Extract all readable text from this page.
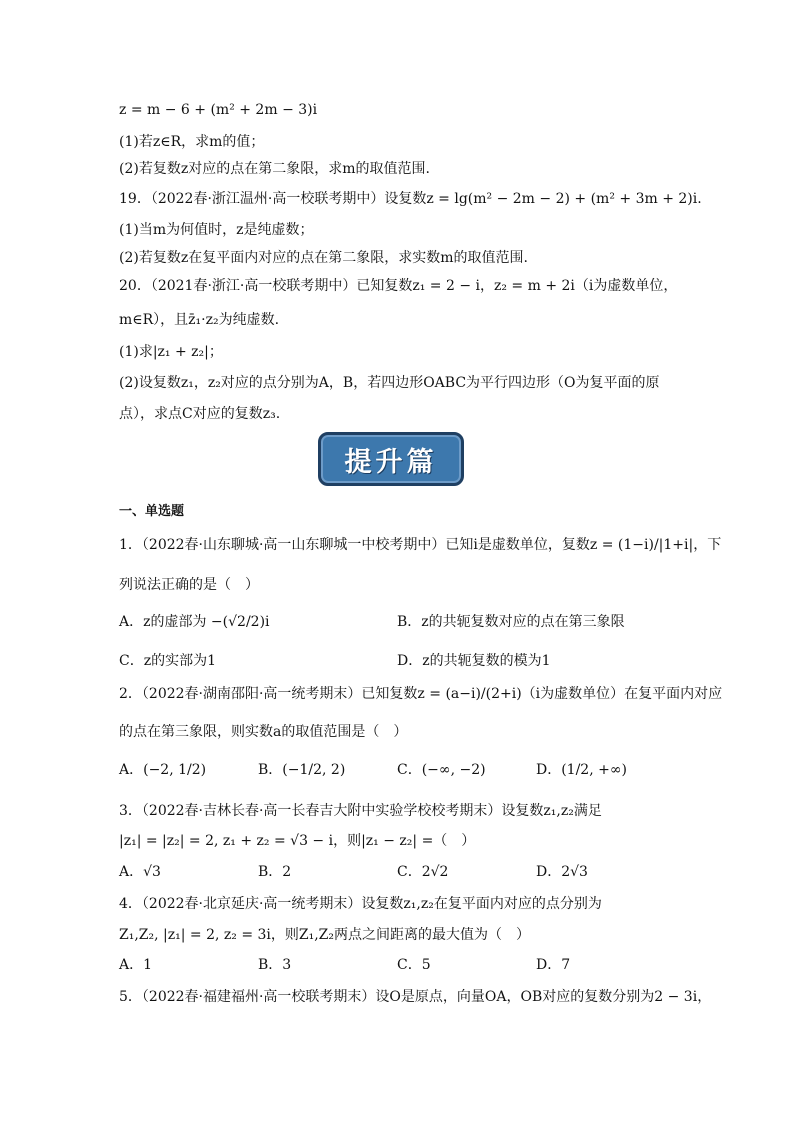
z = m − 6 + (m² + 2m − 3)i
(1)若z∈R，求m的值；
(2)若复数z对应的点在第二象限，求m的取值范围.
19．（2022春·浙江温州·高一校联考期中）设复数z = lg(m² − 2m − 2) + (m² + 3m + 2)i.
(1)当m为何值时，z是纯虚数；
(2)若复数z在复平面内对应的点在第二象限，求实数m的取值范围.
20．（2021春·浙江·高一校联考期中）已知复数z₁ = 2 − i，z₂ = m + 2i（i为虚数单位，
m∈R），且z̄₁·z₂为纯虚数.
(1)求|z₁ + z₂|；
(2)设复数z₁，z₂对应的点分别为A，B，若四边形OABC为平行四边形（O为复平面的原
点），求点C对应的复数z₃.
提升篇
一、单选题
1．（2022春·山东聊城·高一山东聊城一中校考期中）已知i是虚数单位，复数z = (1−i)/|1+i|，下
列说法正确的是（　）
A．z的虚部为 −(√2/2)i	B．z的共轭复数对应的点在第三象限
C．z的实部为1	D．z的共轭复数的模为1
2．（2022春·湖南邵阳·高一统考期末）已知复数z = (a−i)/(2+i)（i为虚数单位）在复平面内对应
的点在第三象限，则实数a的取值范围是（　）
A．(−2, 1/2)	B．(−1/2, 2)	C．(−∞, −2)	D．(1/2, +∞)
3．（2022春·吉林长春·高一长春吉大附中实验学校校考期末）设复数z₁,z₂满足
|z₁| = |z₂| = 2, z₁ + z₂ = √3 − i，则|z₁ − z₂| =（　）
A．√3	B．2	C．2√2	D．2√3
4．（2022春·北京延庆·高一统考期末）设复数z₁,z₂在复平面内对应的点分别为
Z₁,Z₂, |z₁| = 2, z₂ = 3i，则Z₁,Z₂两点之间距离的最大值为（　）
A．1	B．3	C．5	D．7
5．（2022春·福建福州·高一校联考期末）设O是原点，向量OA，OB对应的复数分别为2 − 3i，
